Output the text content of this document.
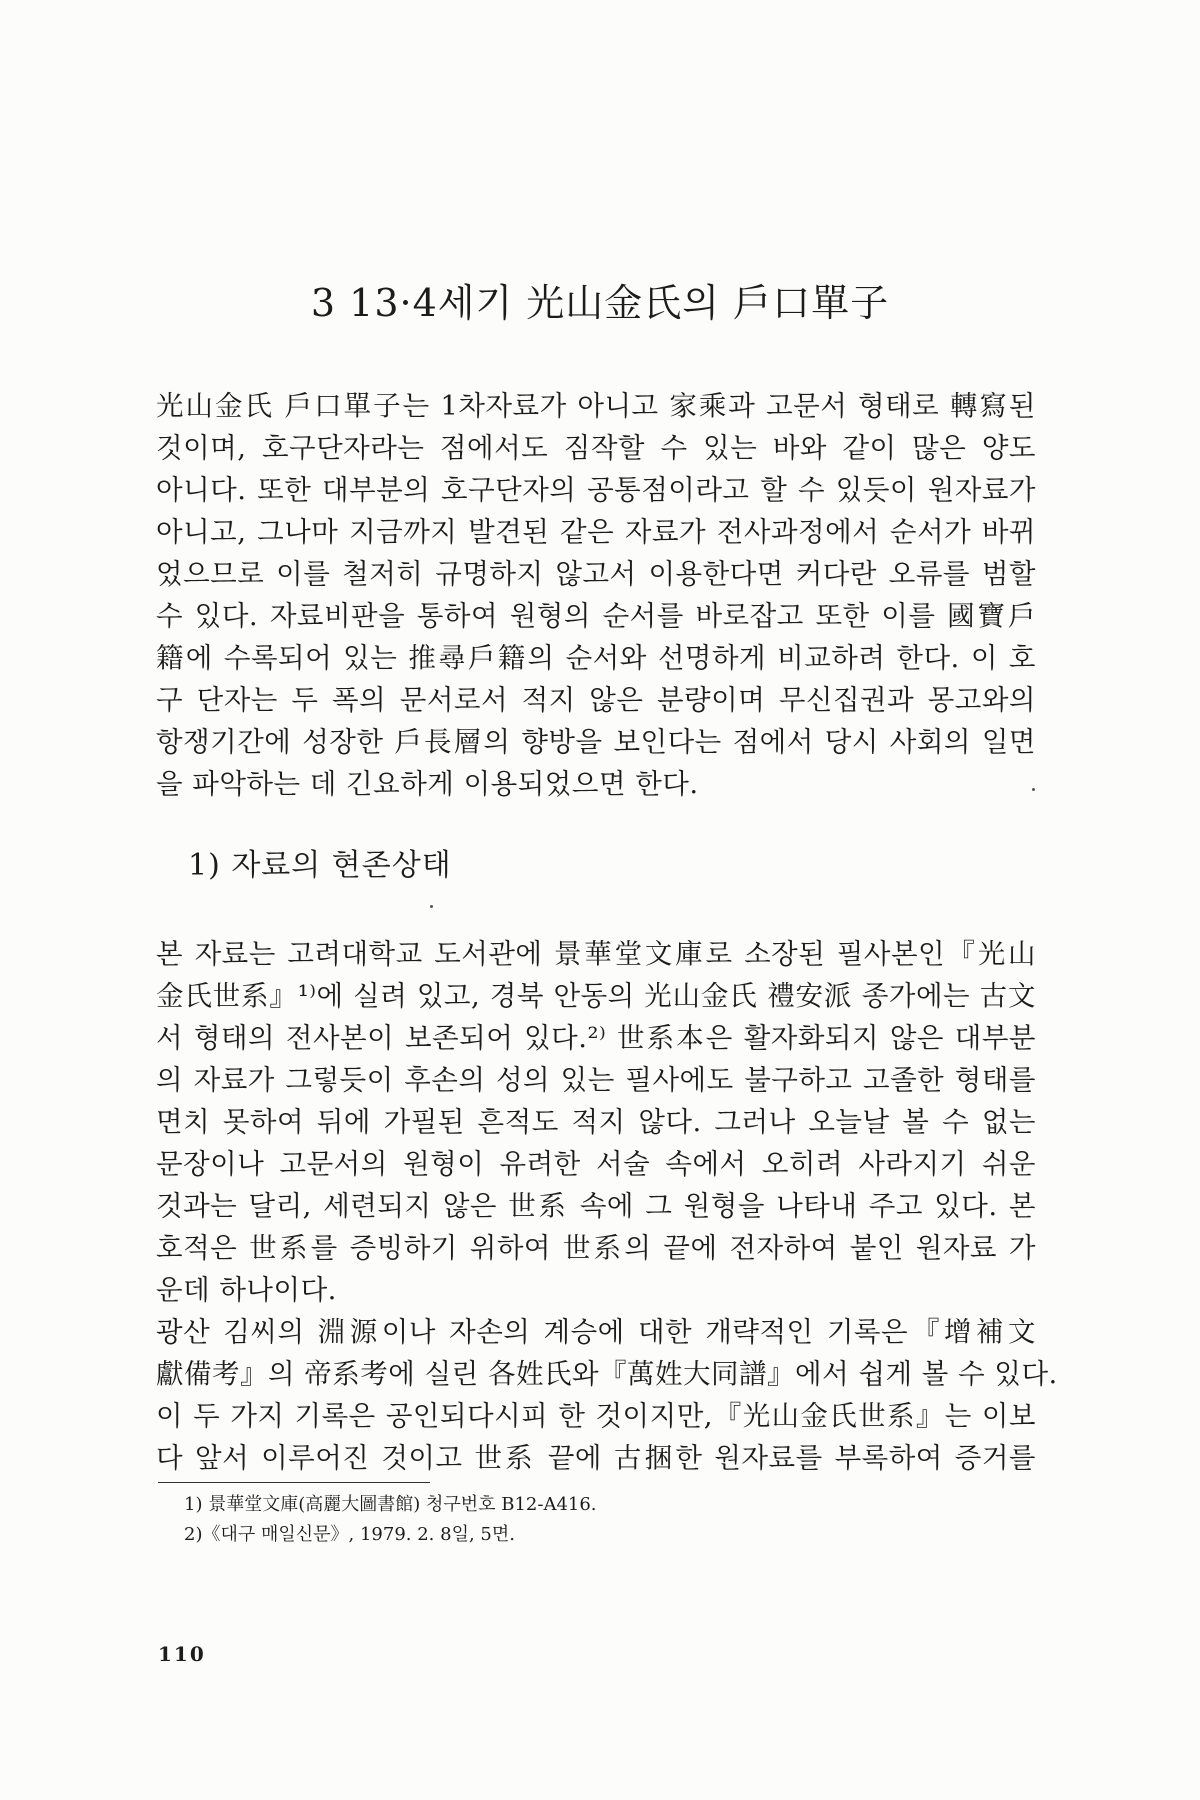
3 13·4세기 光山金氏의 戶口單子
光山金氏 戶口單子는 1차자료가 아니고 家乘과 고문서 형태로 轉寫된
것이며, 호구단자라는 점에서도 짐작할 수 있는 바와 같이 많은 양도
아니다. 또한 대부분의 호구단자의 공통점이라고 할 수 있듯이 원자료가
아니고, 그나마 지금까지 발견된 같은 자료가 전사과정에서 순서가 바뀌
었으므로 이를 철저히 규명하지 않고서 이용한다면 커다란 오류를 범할
수 있다. 자료비판을 통하여 원형의 순서를 바로잡고 또한 이를 國寶戶
籍에 수록되어 있는 推尋戶籍의 순서와 선명하게 비교하려 한다. 이 호
구 단자는 두 폭의 문서로서 적지 않은 분량이며 무신집권과 몽고와의
항쟁기간에 성장한 戶長層의 향방을 보인다는 점에서 당시 사회의 일면
을 파악하는 데 긴요하게 이용되었으면 한다.
1) 자료의 현존상태
본 자료는 고려대학교 도서관에 景華堂文庫로 소장된 필사본인『光山
金氏世系』¹⁾에 실려 있고, 경북 안동의 光山金氏 禮安派 종가에는 古文
서 형태의 전사본이 보존되어 있다.²⁾ 世系本은 활자화되지 않은 대부분
의 자료가 그렇듯이 후손의 성의 있는 필사에도 불구하고 고졸한 형태를
면치 못하여 뒤에 가필된 흔적도 적지 않다. 그러나 오늘날 볼 수 없는
문장이나 고문서의 원형이 유려한 서술 속에서 오히려 사라지기 쉬운
것과는 달리, 세련되지 않은 世系 속에 그 원형을 나타내 주고 있다. 본
호적은 世系를 증빙하기 위하여 世系의 끝에 전자하여 붙인 원자료 가
운데 하나이다.
광산 김씨의 淵源이나 자손의 계승에 대한 개략적인 기록은『增補文
獻備考』의 帝系考에 실린 各姓氏와『萬姓大同譜』에서 쉽게 볼 수 있다.
이 두 가지 기록은 공인되다시피 한 것이지만,『光山金氏世系』는 이보
다 앞서 이루어진 것이고 世系 끝에 古捆한 원자료를 부록하여 증거를
1) 景華堂文庫(高麗大圖書館) 청구번호 B12-A416.
2)《대구 매일신문》, 1979. 2. 8일, 5면.
110
